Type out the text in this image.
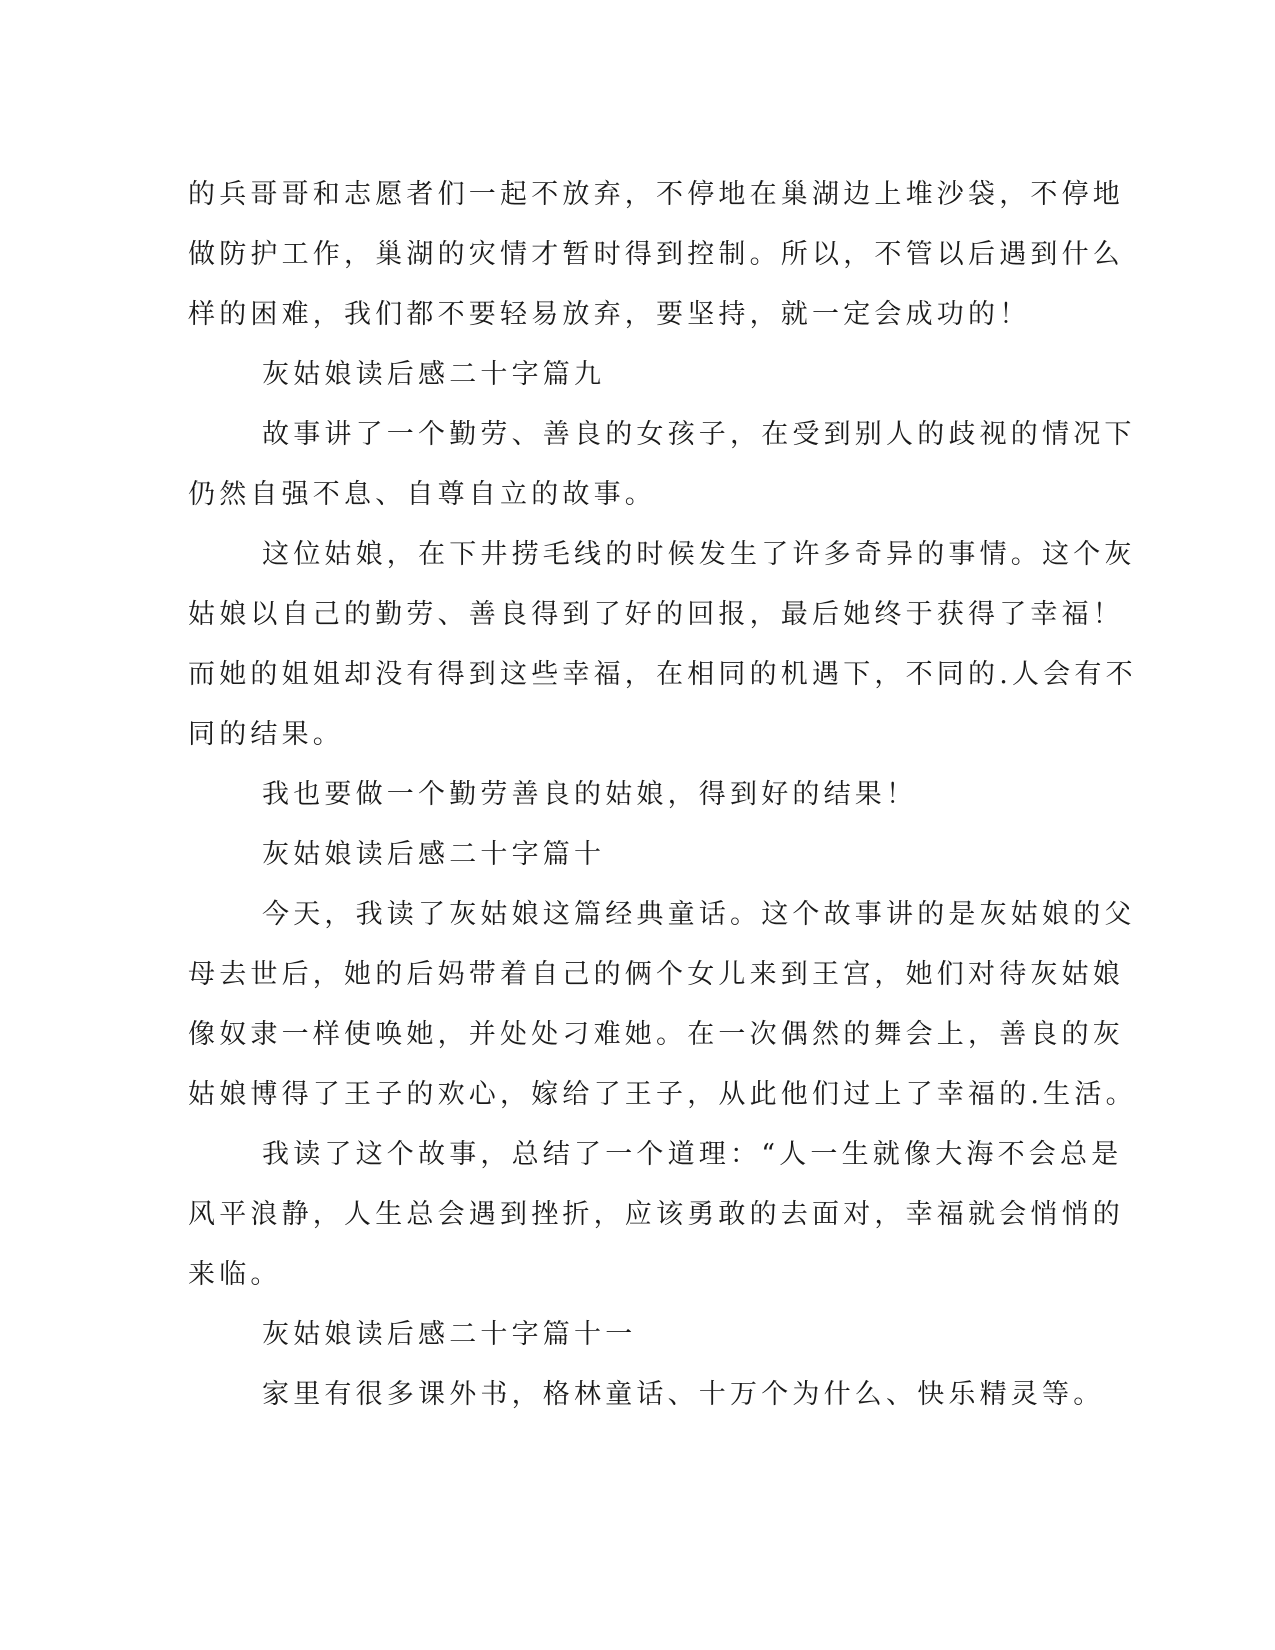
的兵哥哥和志愿者们一起不放弃，不停地在巢湖边上堆沙袋，不停地
做防护工作，巢湖的灾情才暂时得到控制。所以，不管以后遇到什么
样的困难，我们都不要轻易放弃，要坚持，就一定会成功的！
灰姑娘读后感二十字篇九
故事讲了一个勤劳、善良的女孩子，在受到别人的歧视的情况下
仍然自强不息、自尊自立的故事。
这位姑娘，在下井捞毛线的时候发生了许多奇异的事情。这个灰
姑娘以自己的勤劳、善良得到了好的回报，最后她终于获得了幸福！
而她的姐姐却没有得到这些幸福，在相同的机遇下，不同的.人会有不
同的结果。
我也要做一个勤劳善良的姑娘，得到好的结果！
灰姑娘读后感二十字篇十
今天，我读了灰姑娘这篇经典童话。这个故事讲的是灰姑娘的父
母去世后，她的后妈带着自己的俩个女儿来到王宫，她们对待灰姑娘
像奴隶一样使唤她，并处处刁难她。在一次偶然的舞会上，善良的灰
姑娘博得了王子的欢心，嫁给了王子，从此他们过上了幸福的.生活。
我读了这个故事，总结了一个道理：“人一生就像大海不会总是
风平浪静，人生总会遇到挫折，应该勇敢的去面对，幸福就会悄悄的
来临。
灰姑娘读后感二十字篇十一
家里有很多课外书，格林童话、十万个为什么、快乐精灵等。
